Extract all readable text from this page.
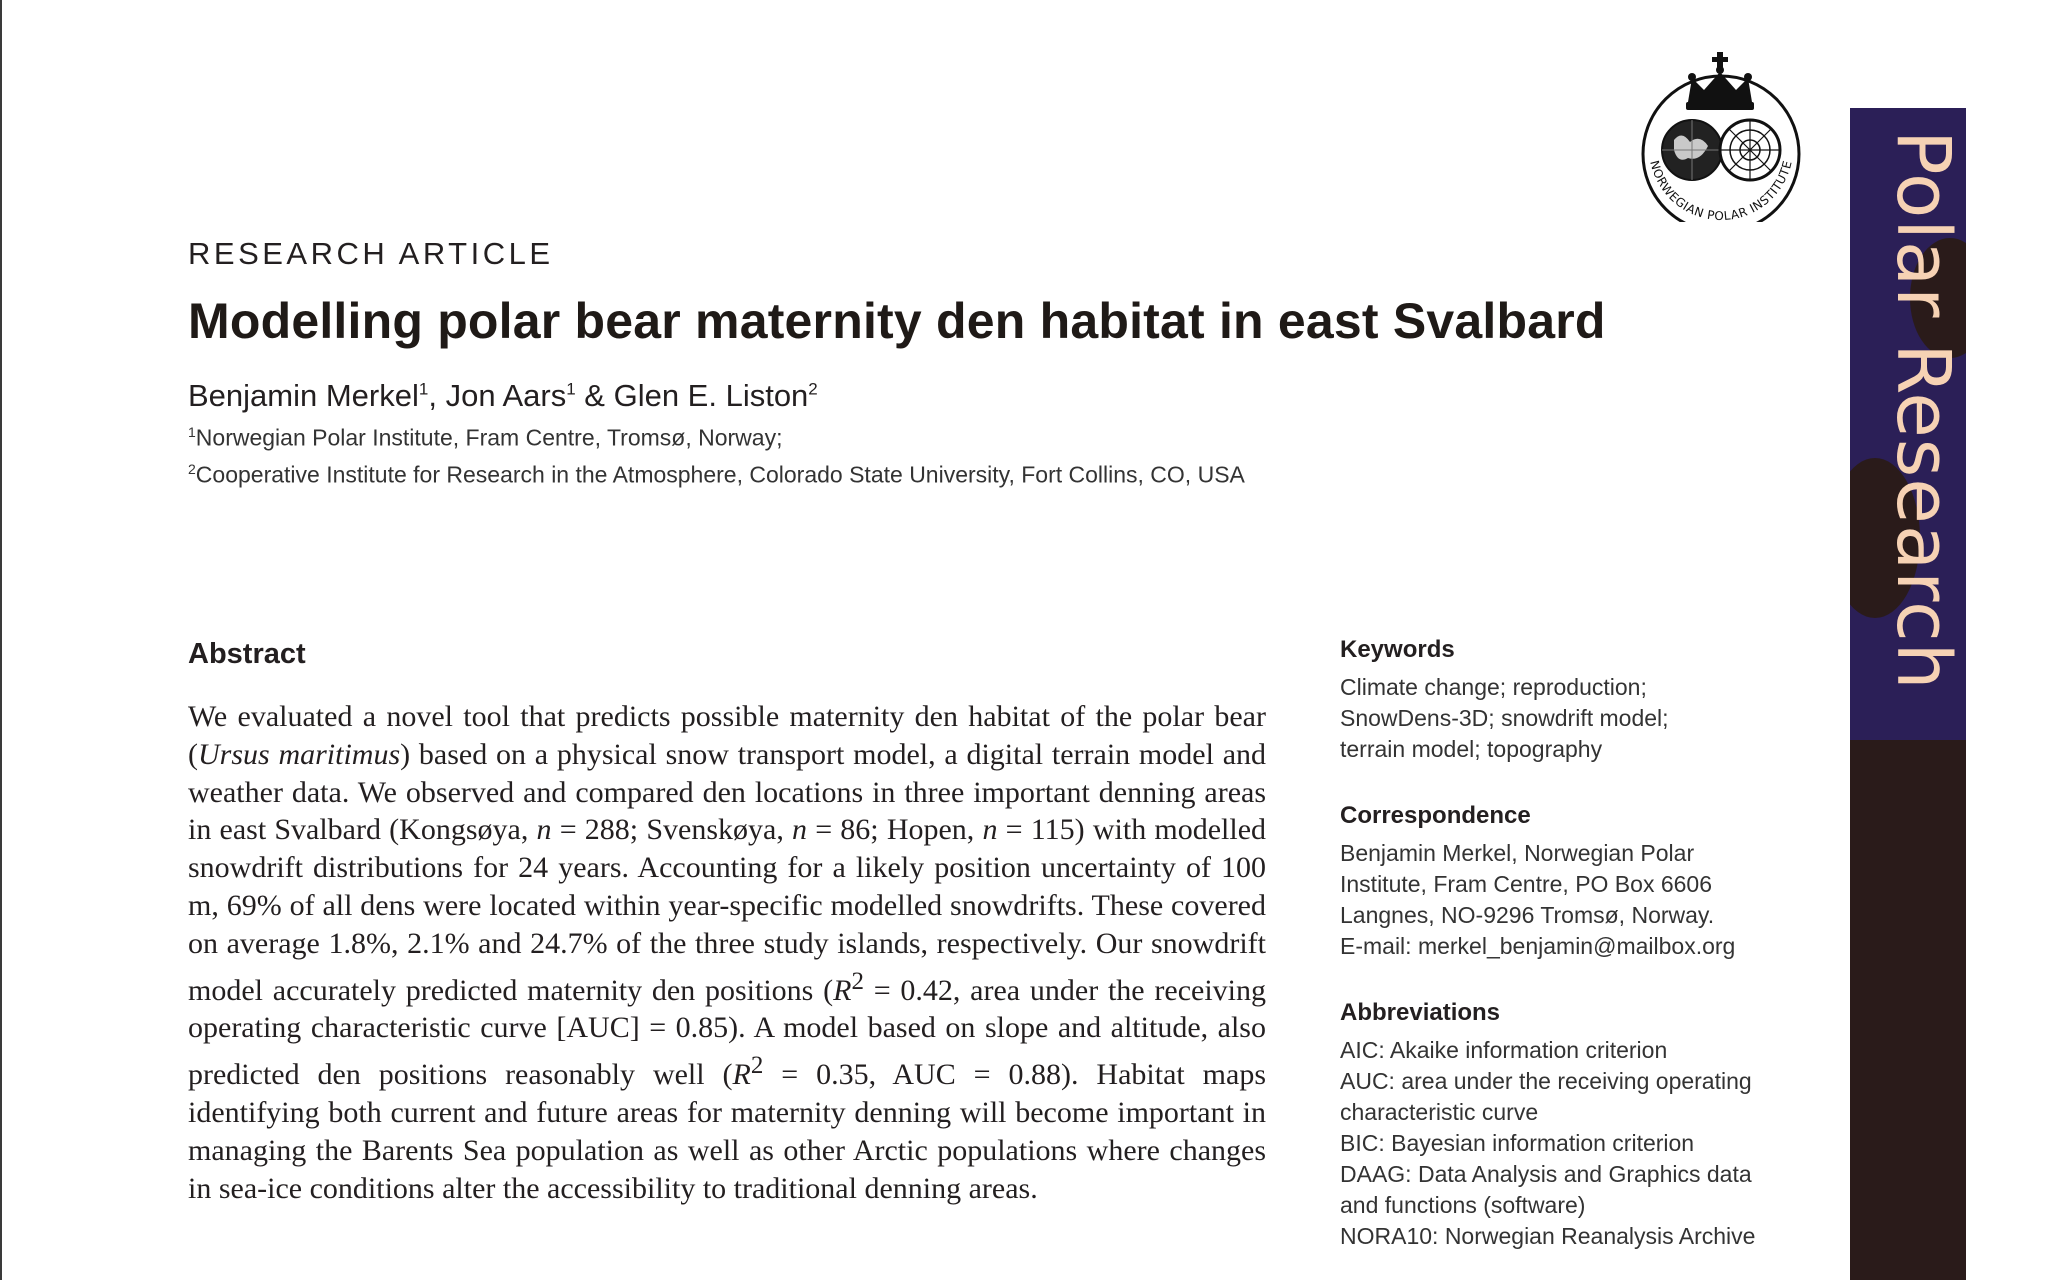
NORWEGIAN POLAR INSTITUTE Polar Research
RESEARCH ARTICLE
Modelling polar bear maternity den habitat in east Svalbard
Benjamin Merkel$^1$, Jon Aars$^1$ & Glen E. Liston$^2$
$^1$Norwegian Polar Institute, Fram Centre, Tromsø, Norway;
$^2$Cooperative Institute for Research in the Atmosphere, Colorado State University, Fort Collins, CO, USA
Abstract

We evaluated a novel tool that predicts possible maternity den habitat of the polar bear (Ursus maritimus) based on a physical snow transport model, a digital terrain model and weather data. We observed and compared den locations in three important denning areas in east Svalbard (Kongsøya, n = 288; Svenskøya, n = 86; Hopen, n = 115) with modelled snowdrift distributions for 24 years. Accounting for a likely position uncertainty of 100 m, 69% of all dens were located within year-specific modelled snowdrifts. These covered on average 1.8%, 2.1% and 24.7% of the three study islands, respectively. Our snowdrift model accurately predicted maternity den positions ($R^2 = 0.42$, area under the receiving operating characteristic curve [AUC] = 0.85). A model based on slope and altitude, also predicted den positions reasonably well ($R^2 = 0.35$, AUC = 0.88). Habitat maps identifying both current and future areas for maternity denning will become important in managing the Barents Sea population as well as other Arctic populations where changes in sea-ice conditions alter the accessibility to traditional denning areas.

Keywords

Climate change; reproduction;

SnowDens-3D; snowdrift model;

terrain model; topography

Correspondence

Benjamin Merkel, Norwegian Polar

Institute, Fram Centre, PO Box 6606

Langnes, NO-9296 Tromsø, Norway.

E-mail: merkel_benjamin@mailbox.org

Abbreviations
AIC: Akaike information criterion
AUC: area under the receiving operating
characteristic curve
BIC: Bayesian information criterion
DAAG: Data Analysis and Graphics data
and functions (software)
NORA10: Norwegian Reanalysis Archive
